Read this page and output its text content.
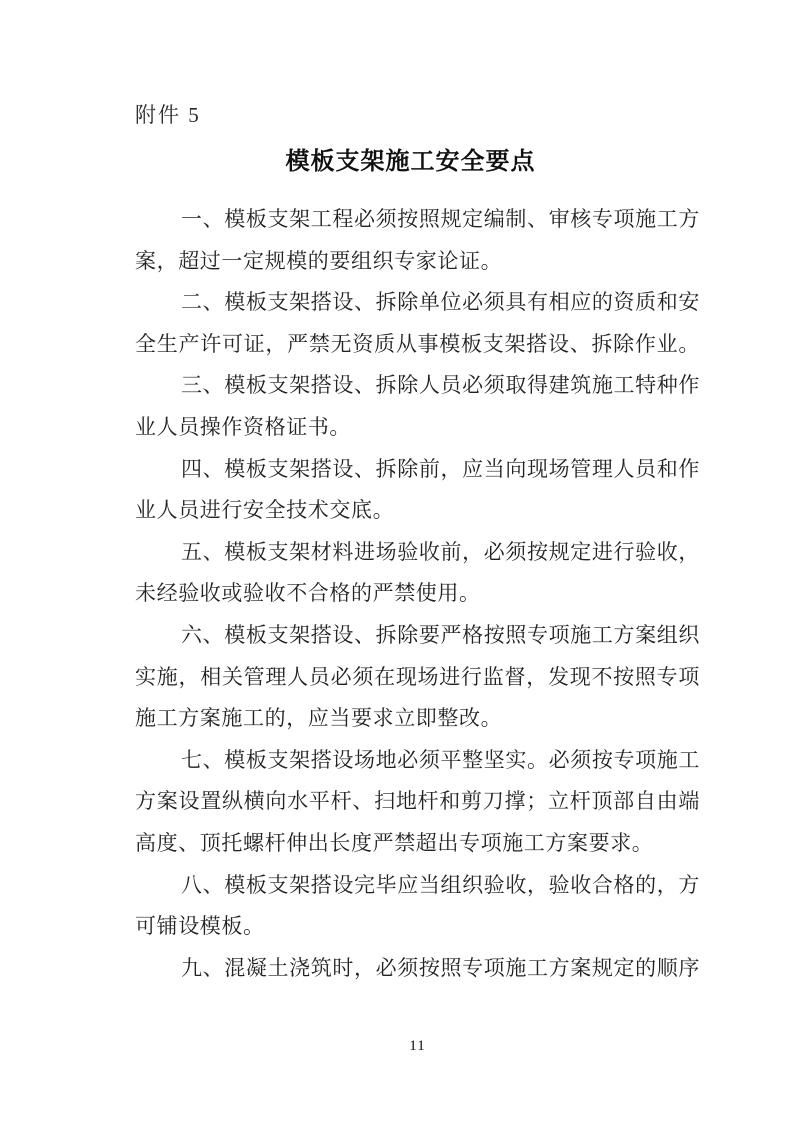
附件 5
模板支架施工安全要点
一、模板支架工程必须按照规定编制、审核专项施工方
案，超过一定规模的要组织专家论证。
二、模板支架搭设、拆除单位必须具有相应的资质和安
全生产许可证，严禁无资质从事模板支架搭设、拆除作业。
三、模板支架搭设、拆除人员必须取得建筑施工特种作
业人员操作资格证书。
四、模板支架搭设、拆除前，应当向现场管理人员和作
业人员进行安全技术交底。
五、模板支架材料进场验收前，必须按规定进行验收，
未经验收或验收不合格的严禁使用。
六、模板支架搭设、拆除要严格按照专项施工方案组织
实施，相关管理人员必须在现场进行监督，发现不按照专项
施工方案施工的，应当要求立即整改。
七、模板支架搭设场地必须平整坚实。必须按专项施工
方案设置纵横向水平杆、扫地杆和剪刀撑；立杆顶部自由端
高度、顶托螺杆伸出长度严禁超出专项施工方案要求。
八、模板支架搭设完毕应当组织验收，验收合格的，方
可铺设模板。
九、混凝土浇筑时，必须按照专项施工方案规定的顺序
11
